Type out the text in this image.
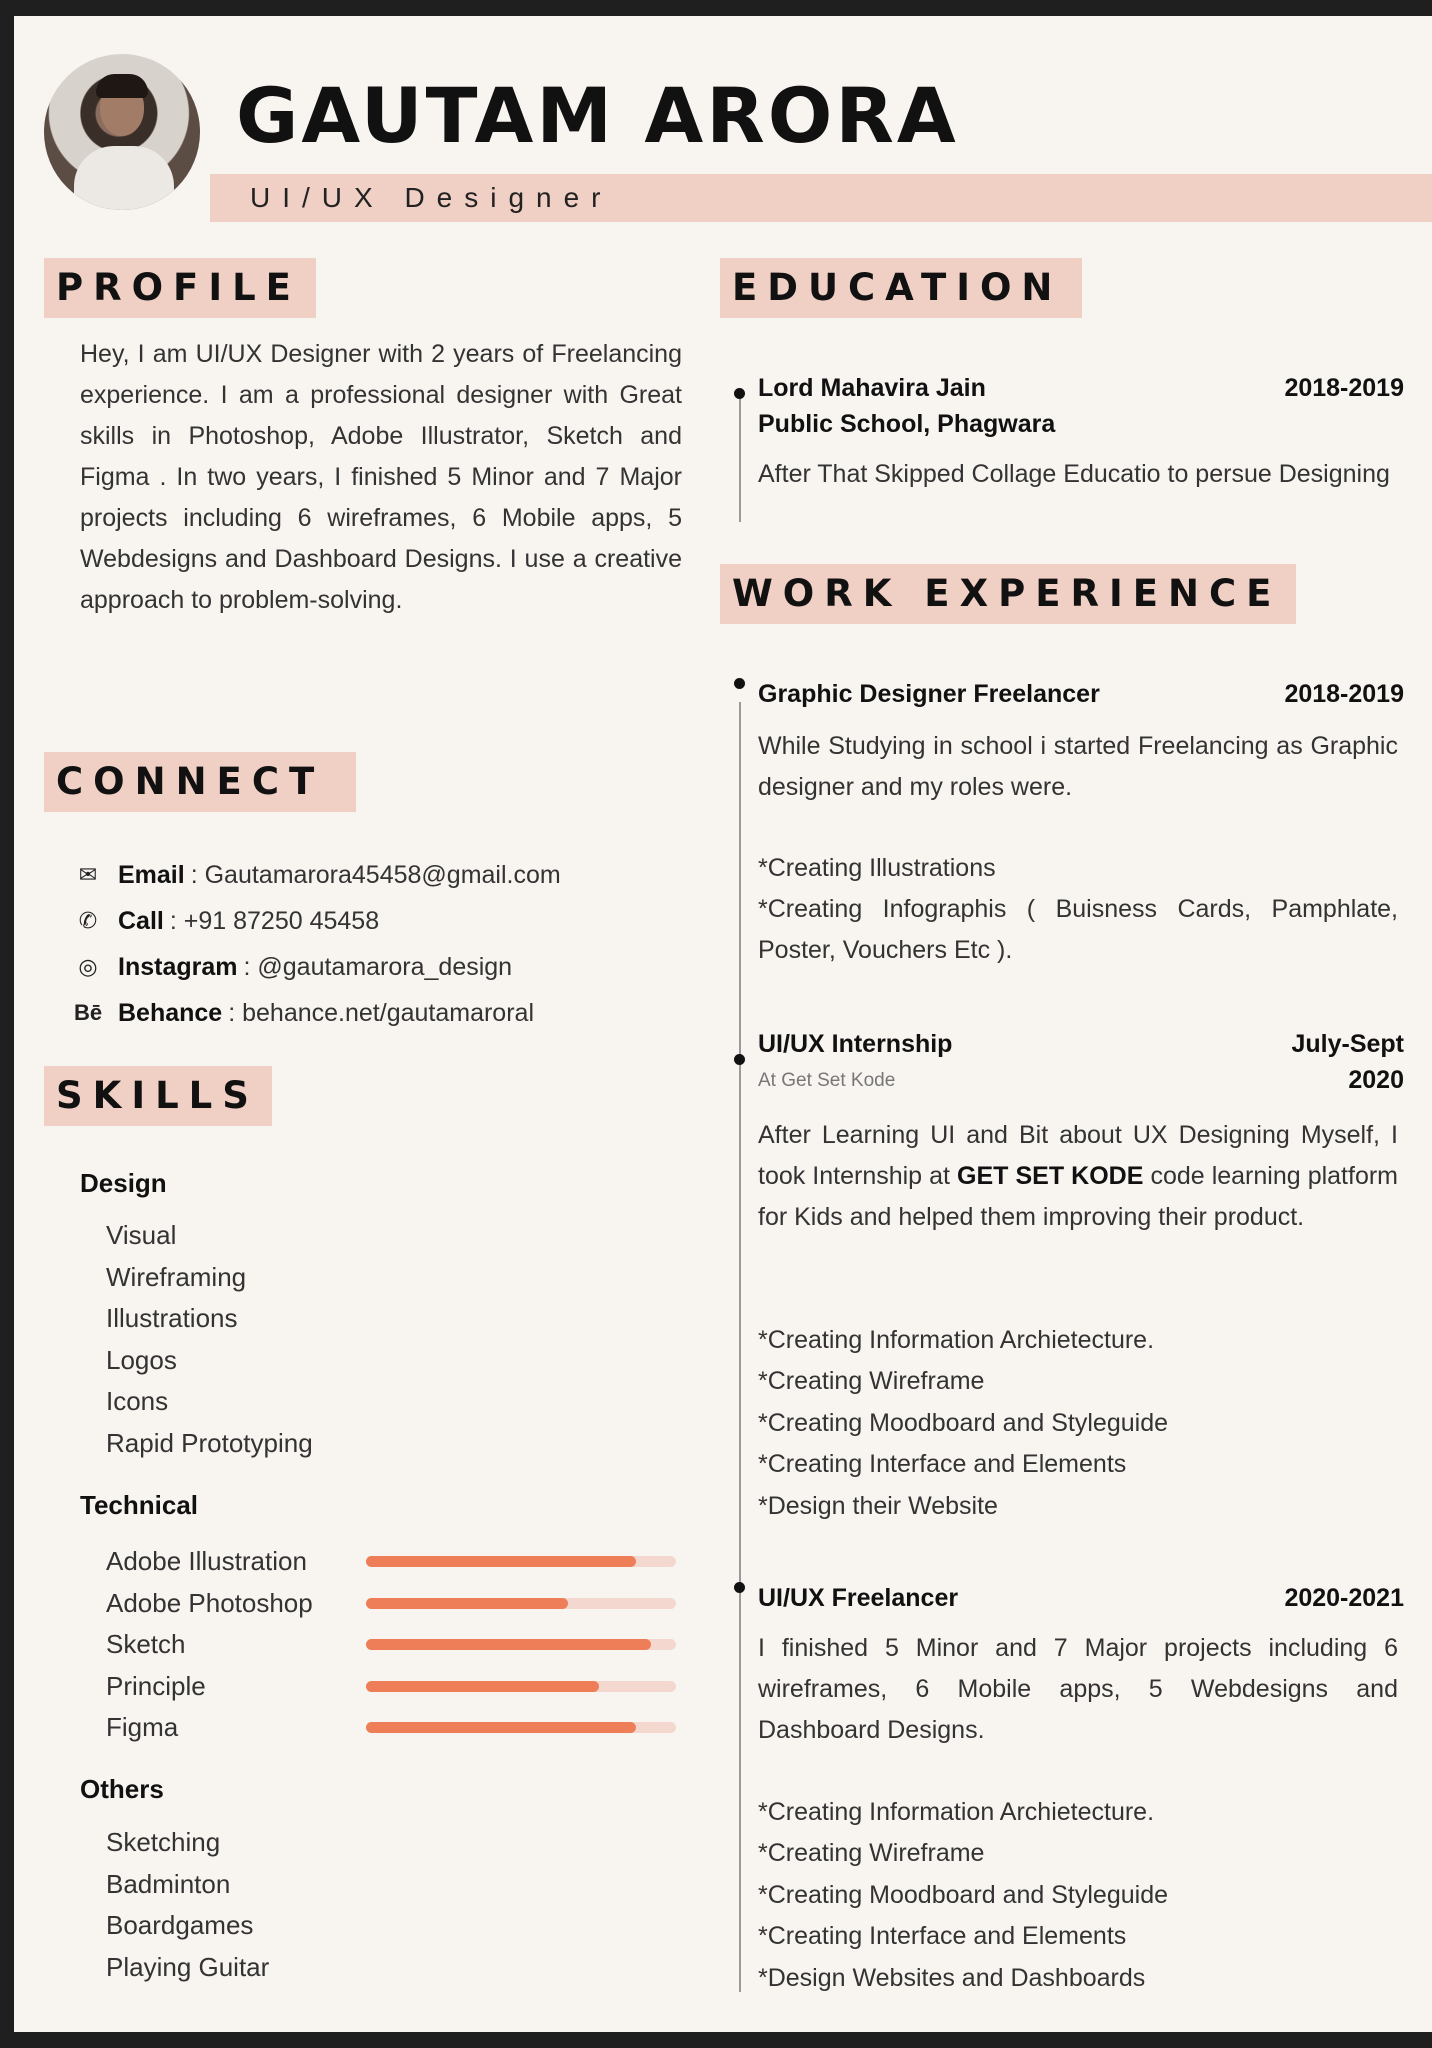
GAUTAM ARORA
UI/UX Designer
PROFILE
Hey, I am UI/UX Designer with 2 years of Freelancing experience. I am a professional designer with Great skills in Photoshop, Adobe Illustrator, Sketch and Figma . In two years, I finished 5 Minor and 7 Major projects including 6 wireframes, 6 Mobile apps, 5 Webdesigns and Dashboard Designs. I use a creative approach to problem-solving.
CONNECT
✉ Email : Gautamarora45458@gmail.com
✆ Call : +91 87250 45458
◎ Instagram : @gautamarora_design
Bē Behance : behance.net/gautamaroral
SKILLS
Design
Visual
Wireframing
Illustrations
Logos
Icons
Rapid Prototyping
Technical
Adobe Illustration
Adobe Photoshop
Sketch
Principle
Figma
Others
Sketching
Badminton
Boardgames
Playing Guitar
EDUCATION
Lord Mahavira Jain
Public School, Phagwara
2018-2019
After That Skipped Collage Educatio to persue Designing
WORK EXPERIENCE
Graphic Designer Freelancer	2018-2019
While Studying in school i started Freelancing as Graphic designer and my roles were.
*Creating Illustrations
*Creating Infographis ( Buisness Cards, Pamphlate, Poster, Vouchers Etc ).
UI/UX Internship	July-Sept
2020
At Get Set Kode
After Learning UI and Bit about UX Designing Myself, I took Internship at GET SET KODE code learning platform for Kids and helped them improving their product.
*Creating Information Archietecture.
*Creating Wireframe
*Creating Moodboard and Styleguide
*Creating Interface and Elements
*Design their Website
UI/UX Freelancer	2020-2021
I finished 5 Minor and 7 Major projects including 6 wireframes, 6 Mobile apps, 5 Webdesigns and Dashboard Designs.
*Creating Information Archietecture.
*Creating Wireframe
*Creating Moodboard and Styleguide
*Creating Interface and Elements
*Design Websites and Dashboards
